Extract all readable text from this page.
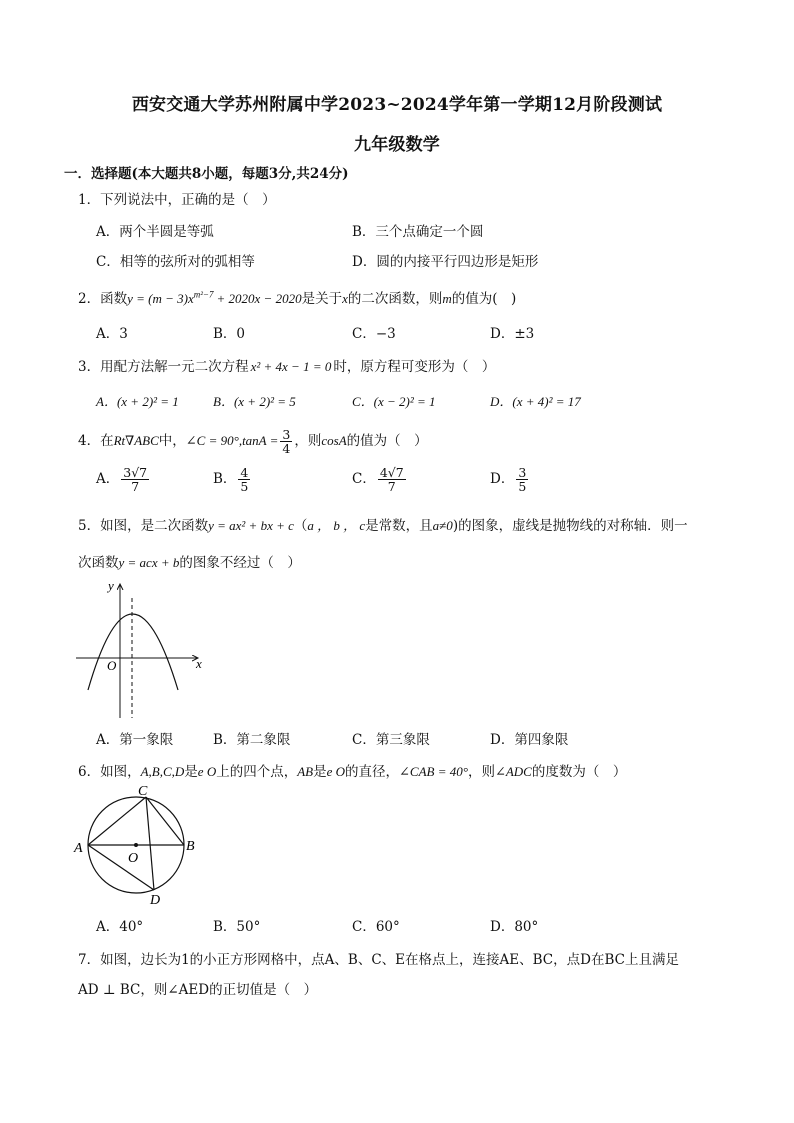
西安交通大学苏州附属中学2023~2024学年第一学期12月阶段测试
九年级数学
一．选择题(本大题共8小题，每题3分,共24分)
1．下列说法中，正确的是（　）
A．两个半圆是等弧	B．三个点确定一个圆
C．相等的弦所对的弧相等	D．圆的内接平行四边形是矩形
2．函数$y = (m - 3)x^{m^2-7} + 2020x - 2020$是关于x的二次函数，则m的值为(　)
A．3	B．0	C．−3	D．±3
3．用配方法解一元二次方程 x² + 4x − 1 = 0 时，原方程可变形为（　）
A．(x + 2)² = 1	B．(x + 2)² = 5	C．(x − 2)² = 1	D．(x + 4)² = 17
4．在Rt∇ABC中，∠C = $90^\circ,\tan A = \frac{3}{4}$ ，则cosA的值为（　）
A． $\frac{3√7}{7}$	B． $\frac{4}{5}$	C． $\frac{4√7}{7}$	D． $\frac{3}{5}$
5．如图，是二次函数y = ax² + bx + c（a ， b ， c是常数，且a≠0)的图象，虚线是抛物线的对称轴．则一
次函数y = acx + b的图象不经过（　）
y
x
O
A．第一象限	B．第二象限	C．第三象限	D．第四象限
6．如图，A,B,C,D是e O上的四个点，AB是e O的直径，∠CAB = 40°，则∠ADC的度数为（　）
A	B
C
D
O
A．40°	B．50°	C．60°	D．80°
7．如图，边长为1的小正方形网格中，点A、B、C、E在格点上，连接AE、BC，点D在BC上且满足
AD ⊥ BC，则∠AED的正切值是（　）
